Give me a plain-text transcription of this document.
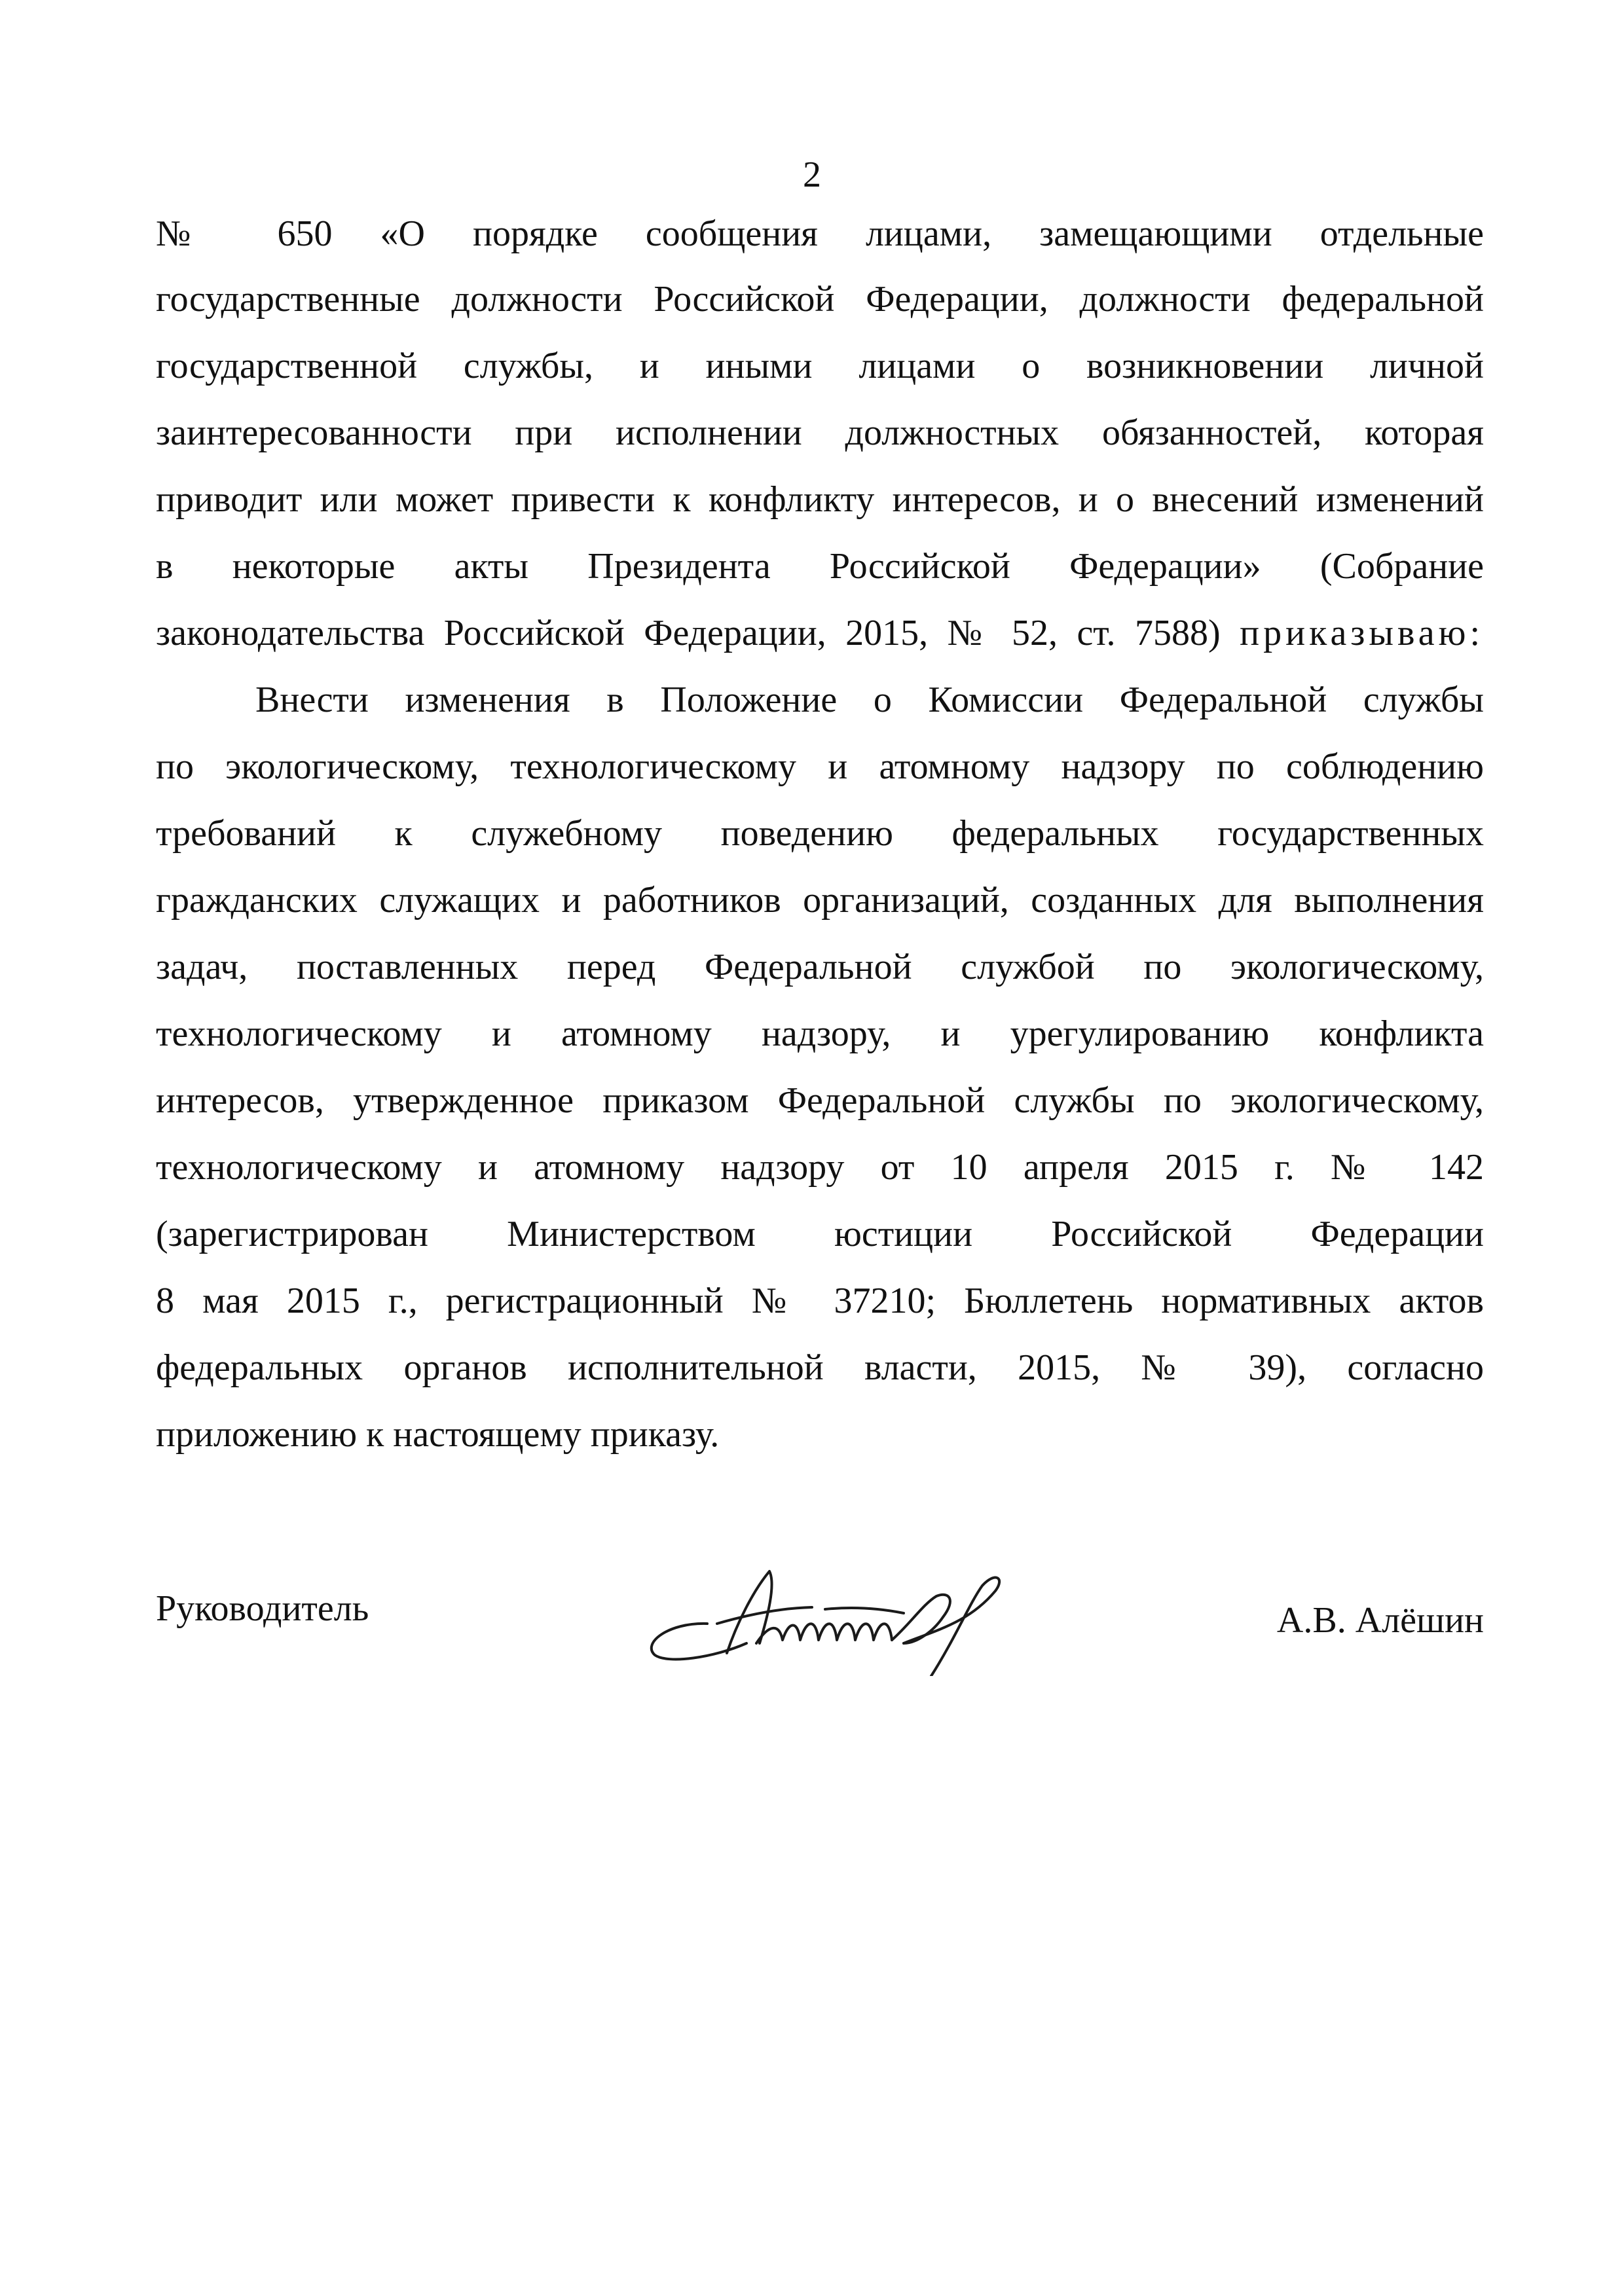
2
№ 650 «О порядке сообщения лицами, замещающими отдельные
государственные должности Российской Федерации, должности федеральной
государственной службы, и иными лицами о возникновении личной
заинтересованности при исполнении должностных обязанностей, которая
приводит или может привести к конфликту интересов, и о внесений изменений
в некоторые акты Президента Российской Федерации» (Собрание
законодательства Российской Федерации, 2015, № 52, ст. 7588) приказываю:
Внести изменения в Положение о Комиссии Федеральной службы
по экологическому, технологическому и атомному надзору по соблюдению
требований к служебному поведению федеральных государственных
гражданских служащих и работников организаций, созданных для выполнения
задач, поставленных перед Федеральной службой по экологическому,
технологическому и атомному надзору, и урегулированию конфликта
интересов, утвержденное приказом Федеральной службы по экологическому,
технологическому и атомному надзору от 10 апреля 2015 г. № 142
(зарегистрирован Министерством юстиции Российской Федерации
8 мая 2015 г., регистрационный № 37210; Бюллетень нормативных актов
федеральных органов исполнительной власти, 2015, № 39), согласно
приложению к настоящему приказу.
Руководитель	А.В. Алёшин
